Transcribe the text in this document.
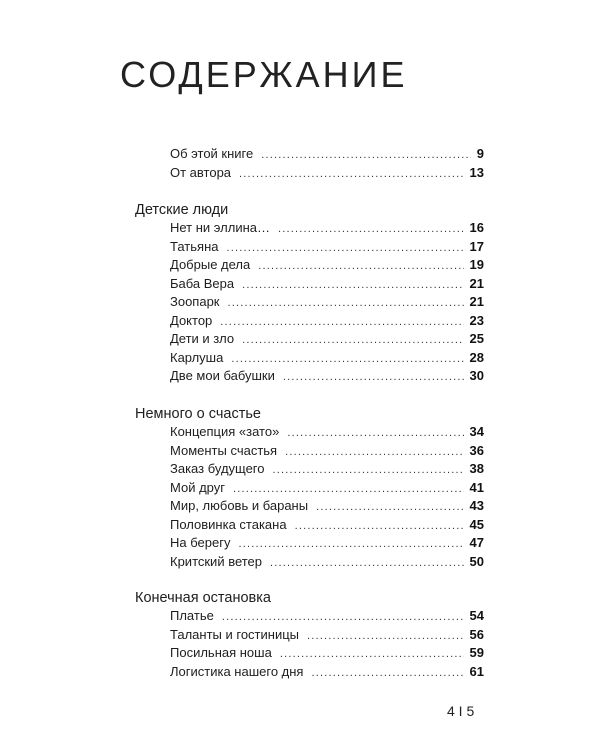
СОДЕРЖАНИЕ
Об этой книге .....	9
От автора .....	13
Детские люди
Нет ни эллина… .....	16
Татьяна .....	17
Добрые дела .....	19
Баба Вера .....	21
Зоопарк .....	21
Доктор .....	23
Дети и зло .....	25
Карлуша .....	28
Две мои бабушки .....	30
Немного о счастье
Концепция «зато» .....	34
Моменты счастья .....	36
Заказ будущего .....	38
Мой друг .....	41
Мир, любовь и бараны .....	43
Половинка стакана .....	45
На берегу .....	47
Критский ветер .....	50
Конечная остановка
Платье .....	54
Таланты и гостиницы .....	56
Посильная ноша .....	59
Логистика нашего дня .....	61
4 I 5
